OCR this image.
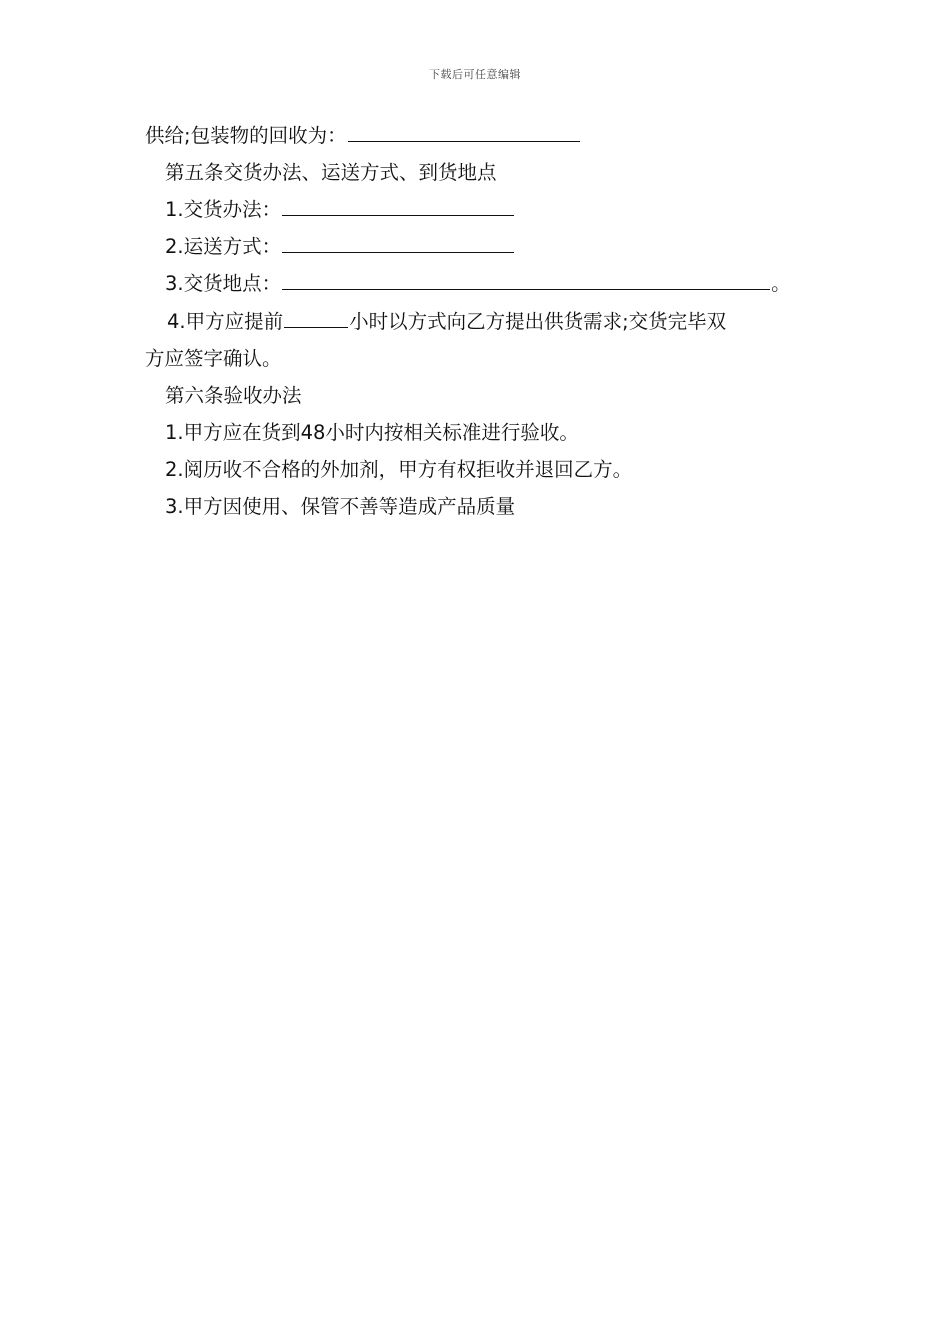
下载后可任意编辑
供给;包装物的回收为：
第五条交货办法、运送方式、到货地点
1.交货办法：
2.运送方式：
3.交货地点：	。
4.甲方应提前	小时以方式向乙方提出供货需求;交货完毕双
方应签字确认。
第六条验收办法
1.甲方应在货到48小时内按相关标准进行验收。
2.阅历收不合格的外加剂，甲方有权拒收并退回乙方。
3.甲方因使用、保管不善等造成产品质量
